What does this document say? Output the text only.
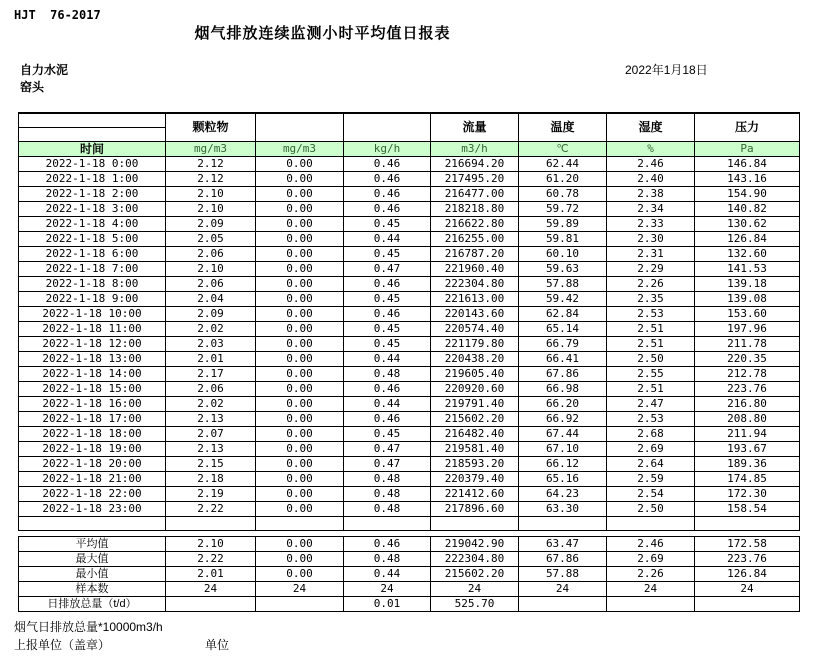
HJT  76-2017
烟气排放连续监测小时平均值日报表
自力水泥
窑头
2022年1月18日
	颗粒物			流量	温度	湿度	压力

时间	mg/m3	mg/m3	kg/h	m3/h	℃	%	Pa
2022-1-18 0:00	2.12	0.00	0.46	216694.20	62.44	2.46	146.84
2022-1-18 1:00	2.12	0.00	0.46	217495.20	61.20	2.40	143.16
2022-1-18 2:00	2.10	0.00	0.46	216477.00	60.78	2.38	154.90
2022-1-18 3:00	2.10	0.00	0.46	218218.80	59.72	2.34	140.82
2022-1-18 4:00	2.09	0.00	0.45	216622.80	59.89	2.33	130.62
2022-1-18 5:00	2.05	0.00	0.44	216255.00	59.81	2.30	126.84
2022-1-18 6:00	2.06	0.00	0.45	216787.20	60.10	2.31	132.60
2022-1-18 7:00	2.10	0.00	0.47	221960.40	59.63	2.29	141.53
2022-1-18 8:00	2.06	0.00	0.46	222304.80	57.88	2.26	139.18
2022-1-18 9:00	2.04	0.00	0.45	221613.00	59.42	2.35	139.08
2022-1-18 10:00	2.09	0.00	0.46	220143.60	62.84	2.53	153.60
2022-1-18 11:00	2.02	0.00	0.45	220574.40	65.14	2.51	197.96
2022-1-18 12:00	2.03	0.00	0.45	221179.80	66.79	2.51	211.78
2022-1-18 13:00	2.01	0.00	0.44	220438.20	66.41	2.50	220.35
2022-1-18 14:00	2.17	0.00	0.48	219605.40	67.86	2.55	212.78
2022-1-18 15:00	2.06	0.00	0.46	220920.60	66.98	2.51	223.76
2022-1-18 16:00	2.02	0.00	0.44	219791.40	66.20	2.47	216.80
2022-1-18 17:00	2.13	0.00	0.46	215602.20	66.92	2.53	208.80
2022-1-18 18:00	2.07	0.00	0.45	216482.40	67.44	2.68	211.94
2022-1-18 19:00	2.13	0.00	0.47	219581.40	67.10	2.69	193.67
2022-1-18 20:00	2.15	0.00	0.47	218593.20	66.12	2.64	189.36
2022-1-18 21:00	2.18	0.00	0.48	220379.40	65.16	2.59	174.85
2022-1-18 22:00	2.19	0.00	0.48	221412.60	64.23	2.54	172.30
2022-1-18 23:00	2.22	0.00	0.48	217896.60	63.30	2.50	158.54

平均值	2.10	0.00	0.46	219042.90	63.47	2.46	172.58
最大值	2.22	0.00	0.48	222304.80	67.86	2.69	223.76
最小值	2.01	0.00	0.44	215602.20	57.88	2.26	126.84
样本数	24	24	24	24	24	24	24
日排放总量（t/d）			0.01	525.70			
烟气日排放总量*10000m3/h
上报单位（盖章）	单位
